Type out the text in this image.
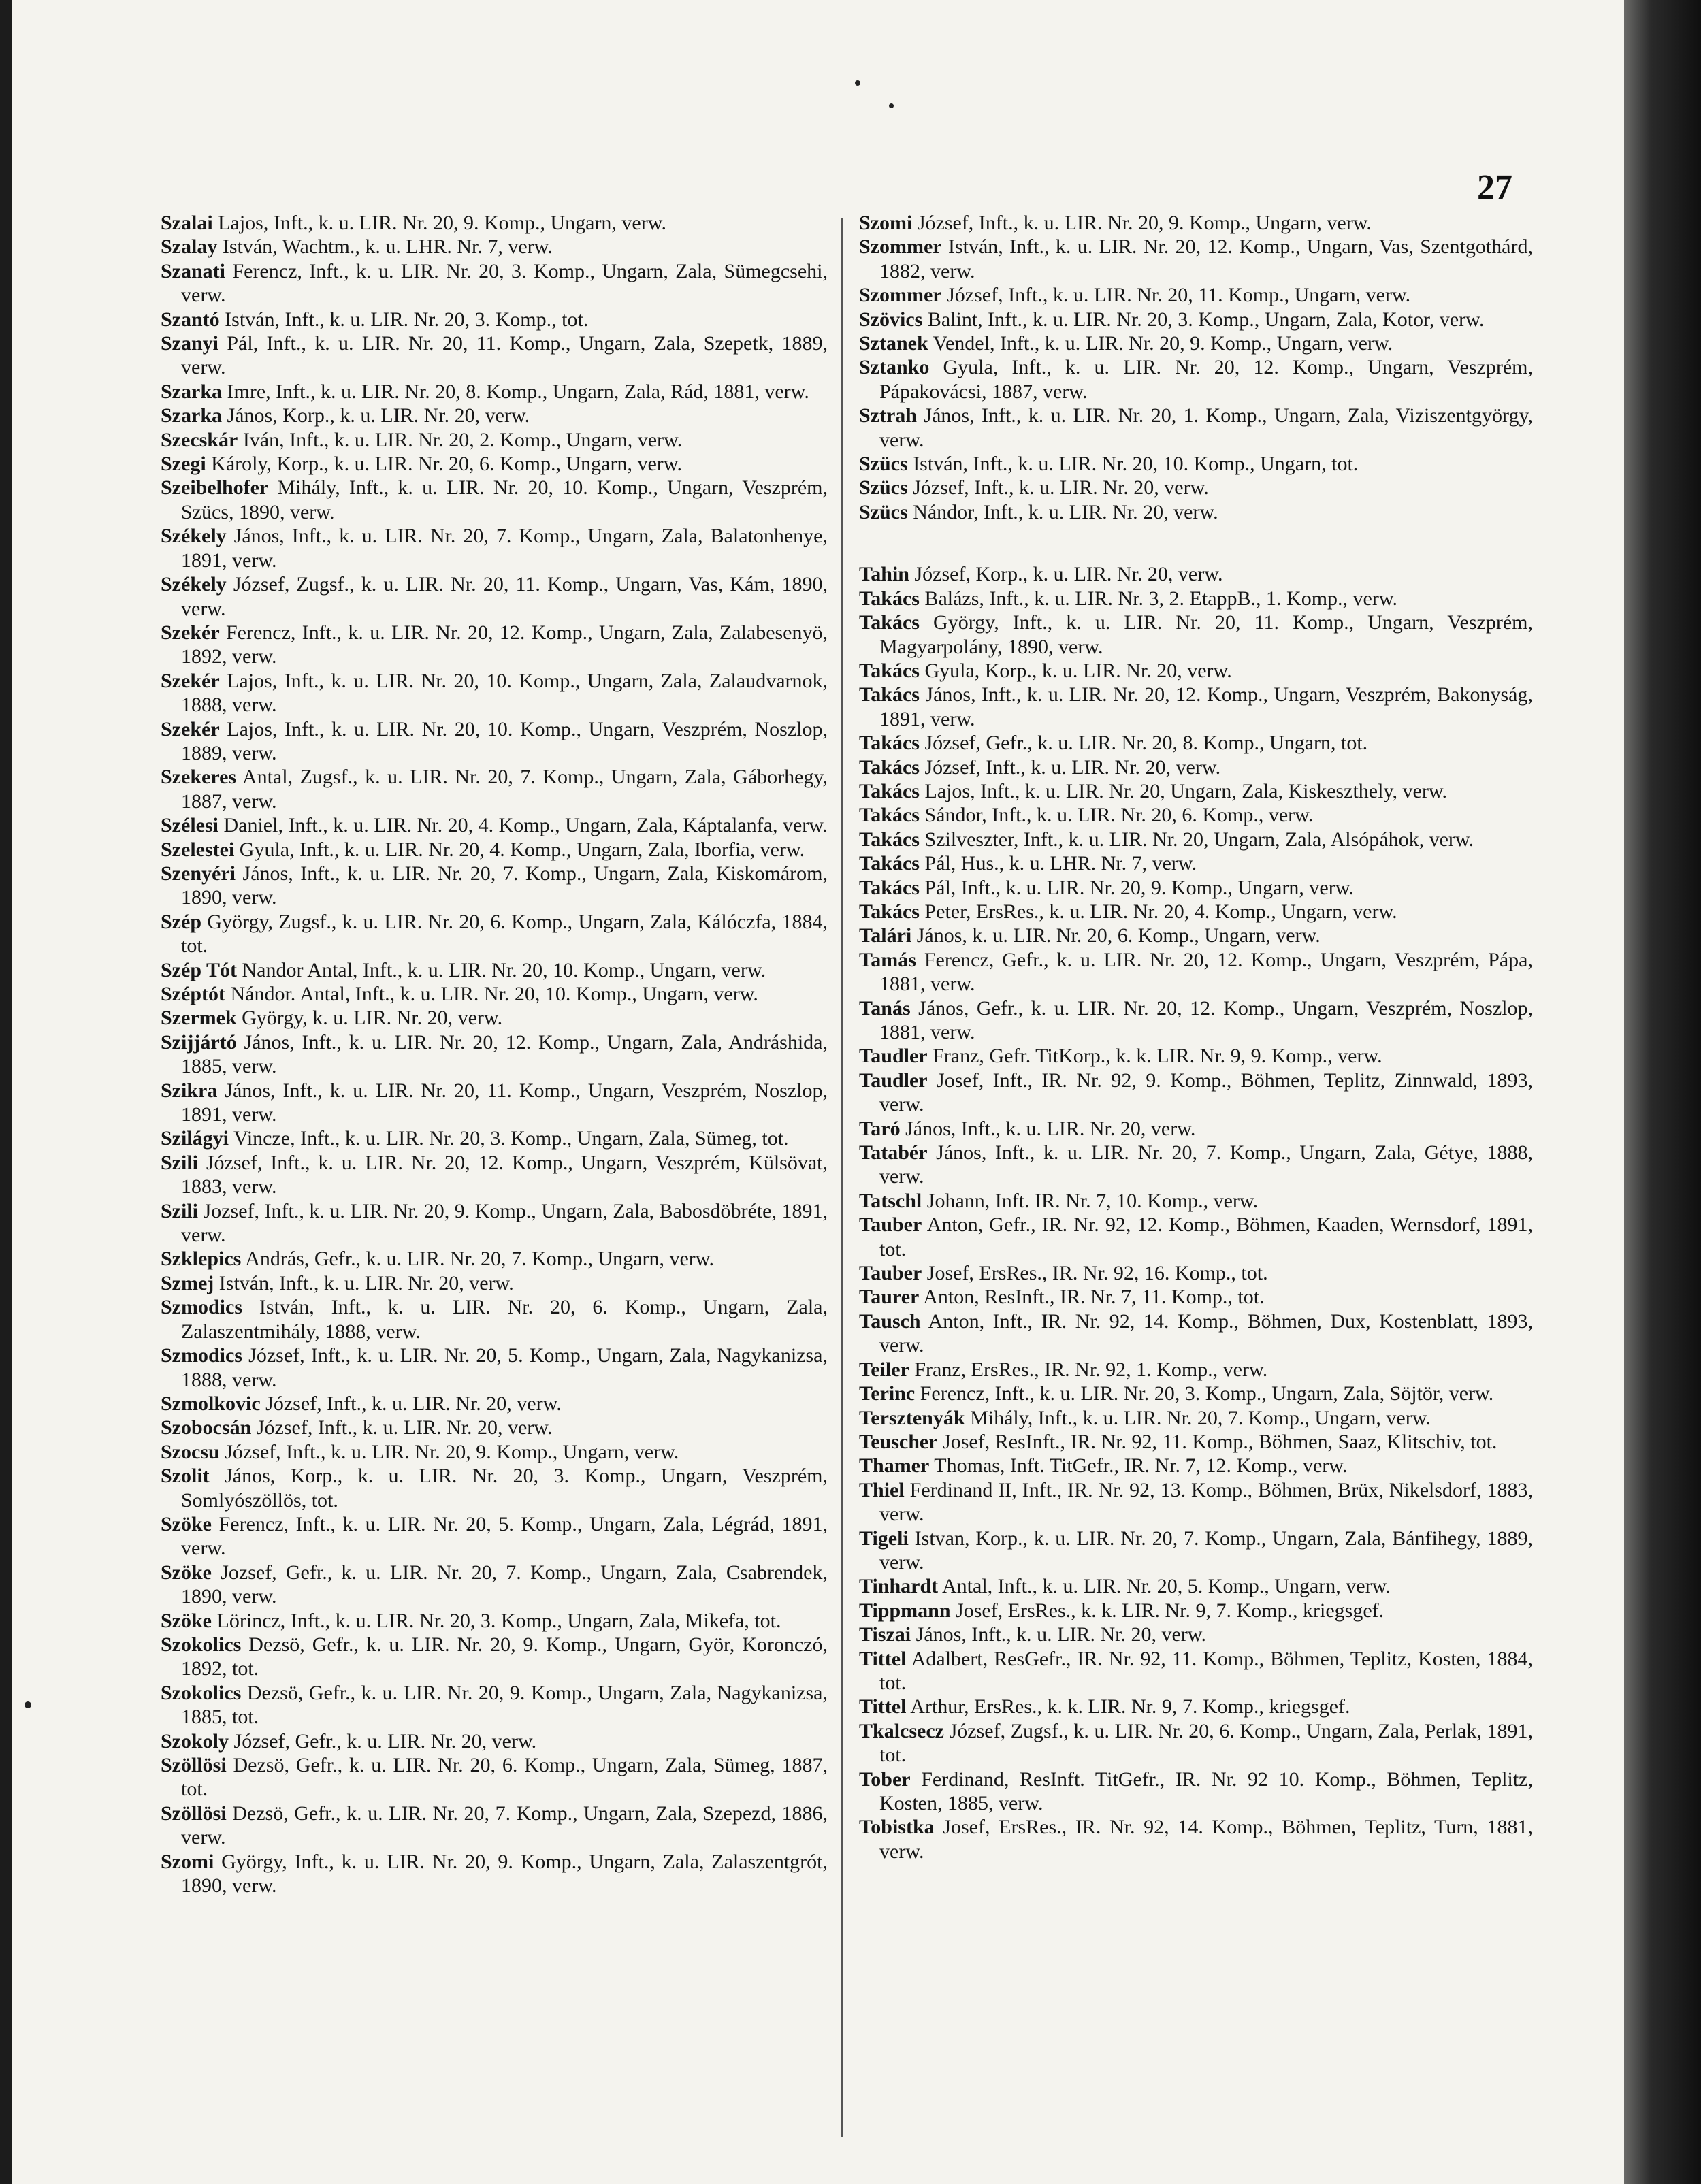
27

Szalai Lajos, Inft., k. u. LIR. Nr. 20, 9. Komp., Ungarn, verw.

Szalay István, Wachtm., k. u. LHR. Nr. 7, verw.

Szanati Ferencz, Inft., k. u. LIR. Nr. 20, 3. Komp., Ungarn, Zala, Sümegcsehi, verw.

Szantó István, Inft., k. u. LIR. Nr. 20, 3. Komp., tot.

Szanyi Pál, Inft., k. u. LIR. Nr. 20, 11. Komp., Ungarn, Zala, Szepetk, 1889, verw.

Szarka Imre, Inft., k. u. LIR. Nr. 20, 8. Komp., Ungarn, Zala, Rád, 1881, verw.

Szarka János, Korp., k. u. LIR. Nr. 20, verw.

Szecskár Iván, Inft., k. u. LIR. Nr. 20, 2. Komp., Ungarn, verw.

Szegi Károly, Korp., k. u. LIR. Nr. 20, 6. Komp., Ungarn, verw.

Szeibelhofer Mihály, Inft., k. u. LIR. Nr. 20, 10. Komp., Ungarn, Veszprém, Szücs, 1890, verw.

Székely János, Inft., k. u. LIR. Nr. 20, 7. Komp., Ungarn, Zala, Balatonhenye, 1891, verw.

Székely József, Zugsf., k. u. LIR. Nr. 20, 11. Komp., Ungarn, Vas, Kám, 1890, verw.

Szekér Ferencz, Inft., k. u. LIR. Nr. 20, 12. Komp., Ungarn, Zala, Zalabesenyö, 1892, verw.

Szekér Lajos, Inft., k. u. LIR. Nr. 20, 10. Komp., Ungarn, Zala, Zalaudvarnok, 1888, verw.

Szekér Lajos, Inft., k. u. LIR. Nr. 20, 10. Komp., Ungarn, Veszprém, Noszlop, 1889, verw.

Szekeres Antal, Zugsf., k. u. LIR. Nr. 20, 7. Komp., Ungarn, Zala, Gáborhegy, 1887, verw.

Szélesi Daniel, Inft., k. u. LIR. Nr. 20, 4. Komp., Ungarn, Zala, Káptalanfa, verw.

Szelestei Gyula, Inft., k. u. LIR. Nr. 20, 4. Komp., Ungarn, Zala, Iborfia, verw.

Szenyéri János, Inft., k. u. LIR. Nr. 20, 7. Komp., Ungarn, Zala, Kiskomárom, 1890, verw.

Szép György, Zugsf., k. u. LIR. Nr. 20, 6. Komp., Ungarn, Zala, Kálóczfa, 1884, tot.

Szép Tót Nandor Antal, Inft., k. u. LIR. Nr. 20, 10. Komp., Ungarn, verw.

Széptót Nándor. Antal, Inft., k. u. LIR. Nr. 20, 10. Komp., Ungarn, verw.

Szermek György, k. u. LIR. Nr. 20, verw.

Szijjártó János, Inft., k. u. LIR. Nr. 20, 12. Komp., Ungarn, Zala, Andráshida, 1885, verw.

Szikra János, Inft., k. u. LIR. Nr. 20, 11. Komp., Ungarn, Veszprém, Noszlop, 1891, verw.

Szilágyi Vincze, Inft., k. u. LIR. Nr. 20, 3. Komp., Ungarn, Zala, Sümeg, tot.

Szili József, Inft., k. u. LIR. Nr. 20, 12. Komp., Ungarn, Veszprém, Külsövat, 1883, verw.

Szili Jozsef, Inft., k. u. LIR. Nr. 20, 9. Komp., Ungarn, Zala, Babosdöbréte, 1891, verw.

Szklepics András, Gefr., k. u. LIR. Nr. 20, 7. Komp., Ungarn, verw.

Szmej István, Inft., k. u. LIR. Nr. 20, verw.

Szmodics István, Inft., k. u. LIR. Nr. 20, 6. Komp., Ungarn, Zala, Zalaszentmihály, 1888, verw.

Szmodics József, Inft., k. u. LIR. Nr. 20, 5. Komp., Ungarn, Zala, Nagykanizsa, 1888, verw.

Szmolkovic József, Inft., k. u. LIR. Nr. 20, verw.

Szobocsán József, Inft., k. u. LIR. Nr. 20, verw.

Szocsu József, Inft., k. u. LIR. Nr. 20, 9. Komp., Ungarn, verw.

Szolit János, Korp., k. u. LIR. Nr. 20, 3. Komp., Ungarn, Veszprém, Somlyószöllös, tot.

Szöke Ferencz, Inft., k. u. LIR. Nr. 20, 5. Komp., Ungarn, Zala, Légrád, 1891, verw.

Szöke Jozsef, Gefr., k. u. LIR. Nr. 20, 7. Komp., Ungarn, Zala, Csabrendek, 1890, verw.

Szöke Lörincz, Inft., k. u. LIR. Nr. 20, 3. Komp., Ungarn, Zala, Mikefa, tot.

Szokolics Dezsö, Gefr., k. u. LIR. Nr. 20, 9. Komp., Ungarn, Györ, Koronczó, 1892, tot.

Szokolics Dezsö, Gefr., k. u. LIR. Nr. 20, 9. Komp., Ungarn, Zala, Nagykanizsa, 1885, tot.

Szokoly József, Gefr., k. u. LIR. Nr. 20, verw.

Szöllösi Dezsö, Gefr., k. u. LIR. Nr. 20, 6. Komp., Ungarn, Zala, Sümeg, 1887, tot.

Szöllösi Dezsö, Gefr., k. u. LIR. Nr. 20, 7. Komp., Ungarn, Zala, Szepezd, 1886, verw.

Szomi György, Inft., k. u. LIR. Nr. 20, 9. Komp., Ungarn, Zala, Zalaszentgrót, 1890, verw.

Szomi József, Inft., k. u. LIR. Nr. 20, 9. Komp., Ungarn, verw.

Szommer István, Inft., k. u. LIR. Nr. 20, 12. Komp., Ungarn, Vas, Szentgothárd, 1882, verw.

Szommer József, Inft., k. u. LIR. Nr. 20, 11. Komp., Ungarn, verw.

Szövics Balint, Inft., k. u. LIR. Nr. 20, 3. Komp., Ungarn, Zala, Kotor, verw.

Sztanek Vendel, Inft., k. u. LIR. Nr. 20, 9. Komp., Ungarn, verw.

Sztanko Gyula, Inft., k. u. LIR. Nr. 20, 12. Komp., Ungarn, Veszprém, Pápakovácsi, 1887, verw.

Sztrah János, Inft., k. u. LIR. Nr. 20, 1. Komp., Ungarn, Zala, Viziszentgyörgy, verw.

Szücs István, Inft., k. u. LIR. Nr. 20, 10. Komp., Ungarn, tot.

Szücs József, Inft., k. u. LIR. Nr. 20, verw.

Szücs Nándor, Inft., k. u. LIR. Nr. 20, verw.

Tahin József, Korp., k. u. LIR. Nr. 20, verw.

Takács Balázs, Inft., k. u. LIR. Nr. 3, 2. EtappB., 1. Komp., verw.

Takács György, Inft., k. u. LIR. Nr. 20, 11. Komp., Ungarn, Veszprém, Magyarpolány, 1890, verw.

Takács Gyula, Korp., k. u. LIR. Nr. 20, verw.

Takács János, Inft., k. u. LIR. Nr. 20, 12. Komp., Ungarn, Veszprém, Bakonyság, 1891, verw.

Takács József, Gefr., k. u. LIR. Nr. 20, 8. Komp., Ungarn, tot.

Takács József, Inft., k. u. LIR. Nr. 20, verw.

Takács Lajos, Inft., k. u. LIR. Nr. 20, Ungarn, Zala, Kiskeszthely, verw.

Takács Sándor, Inft., k. u. LIR. Nr. 20, 6. Komp., verw.

Takács Szilveszter, Inft., k. u. LIR. Nr. 20, Ungarn, Zala, Alsópáhok, verw.

Takács Pál, Hus., k. u. LHR. Nr. 7, verw.

Takács Pál, Inft., k. u. LIR. Nr. 20, 9. Komp., Ungarn, verw.

Takács Peter, ErsRes., k. u. LIR. Nr. 20, 4. Komp., Ungarn, verw.

Talári János, k. u. LIR. Nr. 20, 6. Komp., Ungarn, verw.

Tamás Ferencz, Gefr., k. u. LIR. Nr. 20, 12. Komp., Ungarn, Veszprém, Pápa, 1881, verw.

Tanás János, Gefr., k. u. LIR. Nr. 20, 12. Komp., Ungarn, Veszprém, Noszlop, 1881, verw.

Taudler Franz, Gefr. TitKorp., k. k. LIR. Nr. 9, 9. Komp., verw.

Taudler Josef, Inft., IR. Nr. 92, 9. Komp., Böhmen, Teplitz, Zinnwald, 1893, verw.

Taró János, Inft., k. u. LIR. Nr. 20, verw.

Tatabér János, Inft., k. u. LIR. Nr. 20, 7. Komp., Ungarn, Zala, Gétye, 1888, verw.

Tatschl Johann, Inft. IR. Nr. 7, 10. Komp., verw.

Tauber Anton, Gefr., IR. Nr. 92, 12. Komp., Böhmen, Kaaden, Wernsdorf, 1891, tot.

Tauber Josef, ErsRes., IR. Nr. 92, 16. Komp., tot.

Taurer Anton, ResInft., IR. Nr. 7, 11. Komp., tot.

Tausch Anton, Inft., IR. Nr. 92, 14. Komp., Böhmen, Dux, Kostenblatt, 1893, verw.

Teiler Franz, ErsRes., IR. Nr. 92, 1. Komp., verw.

Terinc Ferencz, Inft., k. u. LIR. Nr. 20, 3. Komp., Ungarn, Zala, Söjtör, verw.

Tersztenyák Mihály, Inft., k. u. LIR. Nr. 20, 7. Komp., Ungarn, verw.

Teuscher Josef, ResInft., IR. Nr. 92, 11. Komp., Böhmen, Saaz, Klitschiv, tot.

Thamer Thomas, Inft. TitGefr., IR. Nr. 7, 12. Komp., verw.

Thiel Ferdinand II, Inft., IR. Nr. 92, 13. Komp., Böhmen, Brüx, Nikelsdorf, 1883, verw.

Tigeli Istvan, Korp., k. u. LIR. Nr. 20, 7. Komp., Ungarn, Zala, Bánfihegy, 1889, verw.

Tinhardt Antal, Inft., k. u. LIR. Nr. 20, 5. Komp., Ungarn, verw.

Tippmann Josef, ErsRes., k. k. LIR. Nr. 9, 7. Komp., kriegsgef.

Tiszai János, Inft., k. u. LIR. Nr. 20, verw.

Tittel Adalbert, ResGefr., IR. Nr. 92, 11. Komp., Böhmen, Teplitz, Kosten, 1884, tot.

Tittel Arthur, ErsRes., k. k. LIR. Nr. 9, 7. Komp., kriegsgef.

Tkalcsecz József, Zugsf., k. u. LIR. Nr. 20, 6. Komp., Ungarn, Zala, Perlak, 1891, tot.

Tober Ferdinand, ResInft. TitGefr., IR. Nr. 92 10. Komp., Böhmen, Teplitz, Kosten, 1885, verw.

Tobistka Josef, ErsRes., IR. Nr. 92, 14. Komp., Böhmen, Teplitz, Turn, 1881, verw.
